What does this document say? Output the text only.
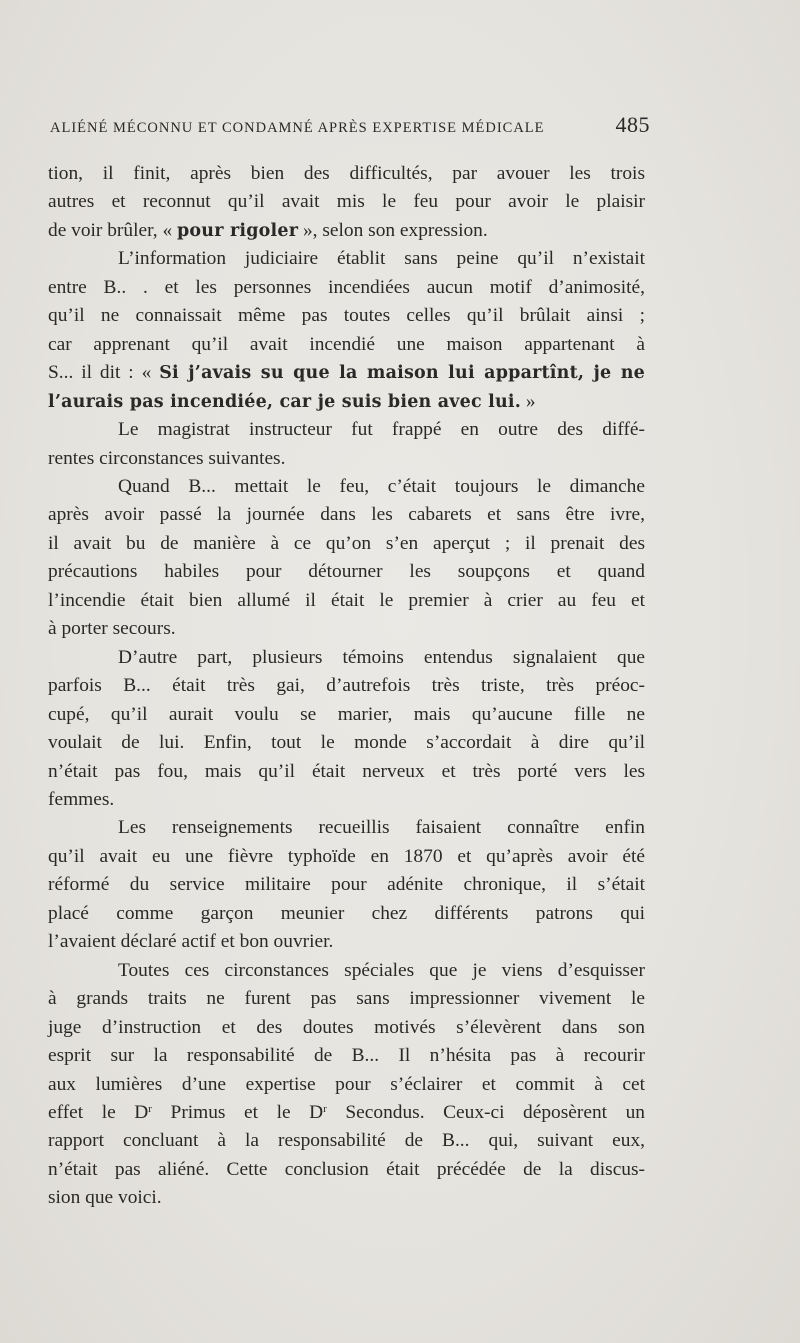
ALIÉNÉ MÉCONNU ET CONDAMNÉ APRÈS EXPERTISE MÉDICALE	485
tion, il finit, après bien des difficultés, par avouer les trois
autres et reconnut qu’il avait mis le feu pour avoir le plaisir
de voir brûler, « pour rigoler », selon son expression.
L’information judiciaire établit sans peine qu’il n’existait
entre B.. . et les personnes incendiées aucun motif d’animosité,
qu’il ne connaissait même pas toutes celles qu’il brûlait ainsi ;
car apprenant qu’il avait incendié une maison appartenant à
S... il dit : « Si j’avais su que la maison lui appartînt, je ne
l’aurais pas incendiée, car je suis bien avec lui. »
Le magistrat instructeur fut frappé en outre des diffé-
rentes circonstances suivantes.
Quand B... mettait le feu, c’était toujours le dimanche
après avoir passé la journée dans les cabarets et sans être ivre,
il avait bu de manière à ce qu’on s’en aperçut ; il prenait des
précautions habiles pour détourner les soupçons et quand
l’incendie était bien allumé il était le premier à crier au feu et
à porter secours.
D’autre part, plusieurs témoins entendus signalaient que
parfois B... était très gai, d’autrefois très triste, très préoc-
cupé, qu’il aurait voulu se marier, mais qu’aucune fille ne
voulait de lui. Enfin, tout le monde s’accordait à dire qu’il
n’était pas fou, mais qu’il était nerveux et très porté vers les
femmes.
Les renseignements recueillis faisaient connaître enfin
qu’il avait eu une fièvre typhoïde en 1870 et qu’après avoir été
réformé du service militaire pour adénite chronique, il s’était
placé comme garçon meunier chez différents patrons qui
l’avaient déclaré actif et bon ouvrier.
Toutes ces circonstances spéciales que je viens d’esquisser
à grands traits ne furent pas sans impressionner vivement le
juge d’instruction et des doutes motivés s’élevèrent dans son
esprit sur la responsabilité de B... Il n’hésita pas à recourir
aux lumières d’une expertise pour s’éclairer et commit à cet
effet le $D^r$ Primus et le $D^r$ Secondus. Ceux-ci déposèrent un
rapport concluant à la responsabilité de B... qui, suivant eux,
n’était pas aliéné. Cette conclusion était précédée de la discus-
sion que voici.
